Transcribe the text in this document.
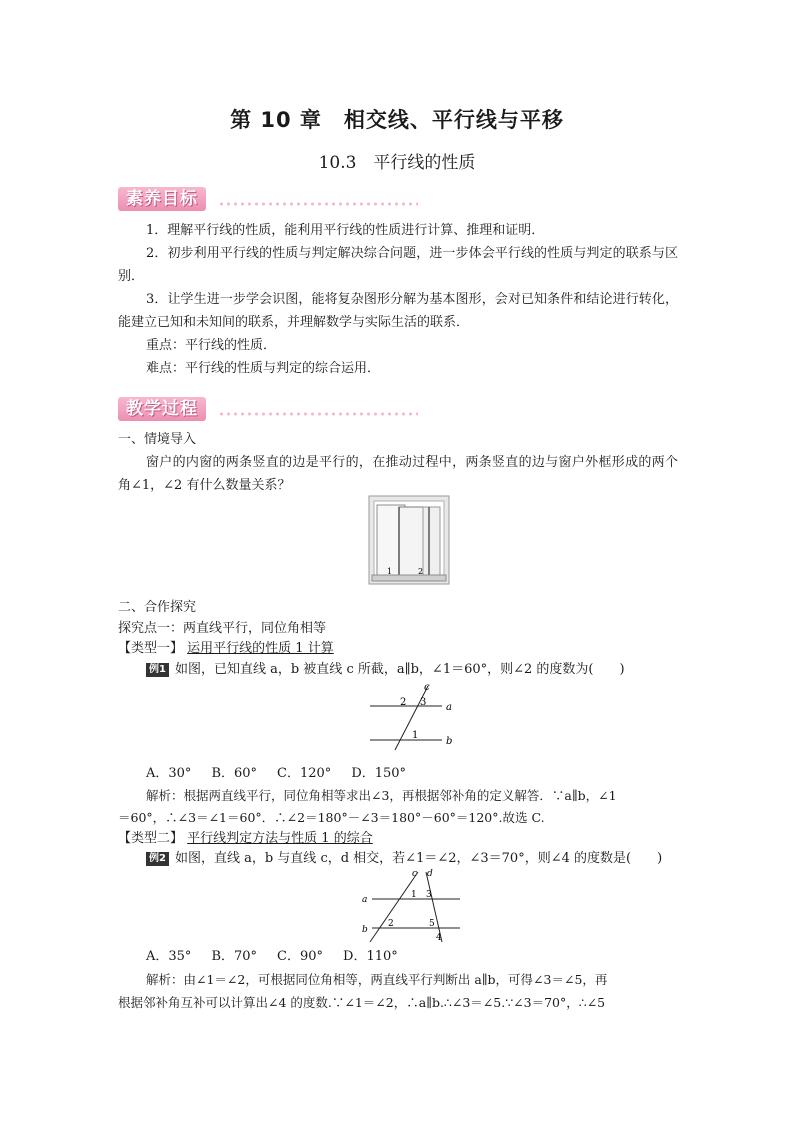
第 10 章　相交线、平行线与平移
10.3　平行线的性质
素养目标
1．理解平行线的性质，能利用平行线的性质进行计算、推理和证明．
2．初步利用平行线的性质与判定解决综合问题，进一步体会平行线的性质与判定的联系与区别．
3．让学生进一步学会识图，能将复杂图形分解为基本图形，会对已知条件和结论进行转化，能建立已知和未知间的联系，并理解数学与实际生活的联系．
重点：平行线的性质．
难点：平行线的性质与判定的综合运用．
教学过程
一、情境导入
窗户的内窗的两条竖直的边是平行的，在推动过程中，两条竖直的边与窗户外框形成的两个角∠1，∠2 有什么数量关系？
1	2
二、合作探究
探究点一：两直线平行，同位角相等
【类型一】 运用平行线的性质 1 计算
例1 如图，已知直线 a，b 被直线 c 所截，a∥b，∠1＝60°，则∠2 的度数为(　　)
c
a
b
2 3
1
A．30° B．60° C．120° D．150°
解析：根据两直线平行，同位角相等求出∠3，再根据邻补角的定义解答．∵a∥b，∠1
＝60°，∴∠3＝∠1＝60°．∴∠2＝180°－∠3＝180°－60°＝120°.故选 C.
【类型二】 平行线判定方法与性质 1 的综合
例2 如图，直线 a，b 与直线 c，d 相交，若∠1＝∠2，∠3＝70°，则∠4 的度数是(　　)
c d
a
b
1 3
2	5
4
A．35° B．70° C．90° D．110°
解析：由∠1＝∠2，可根据同位角相等，两直线平行判断出 a∥b，可得∠3＝∠5，再
根据邻补角互补可以计算出∠4 的度数.∵∠1＝∠2，∴a∥b.∴∠3＝∠5.∵∠3＝70°，∴∠5
